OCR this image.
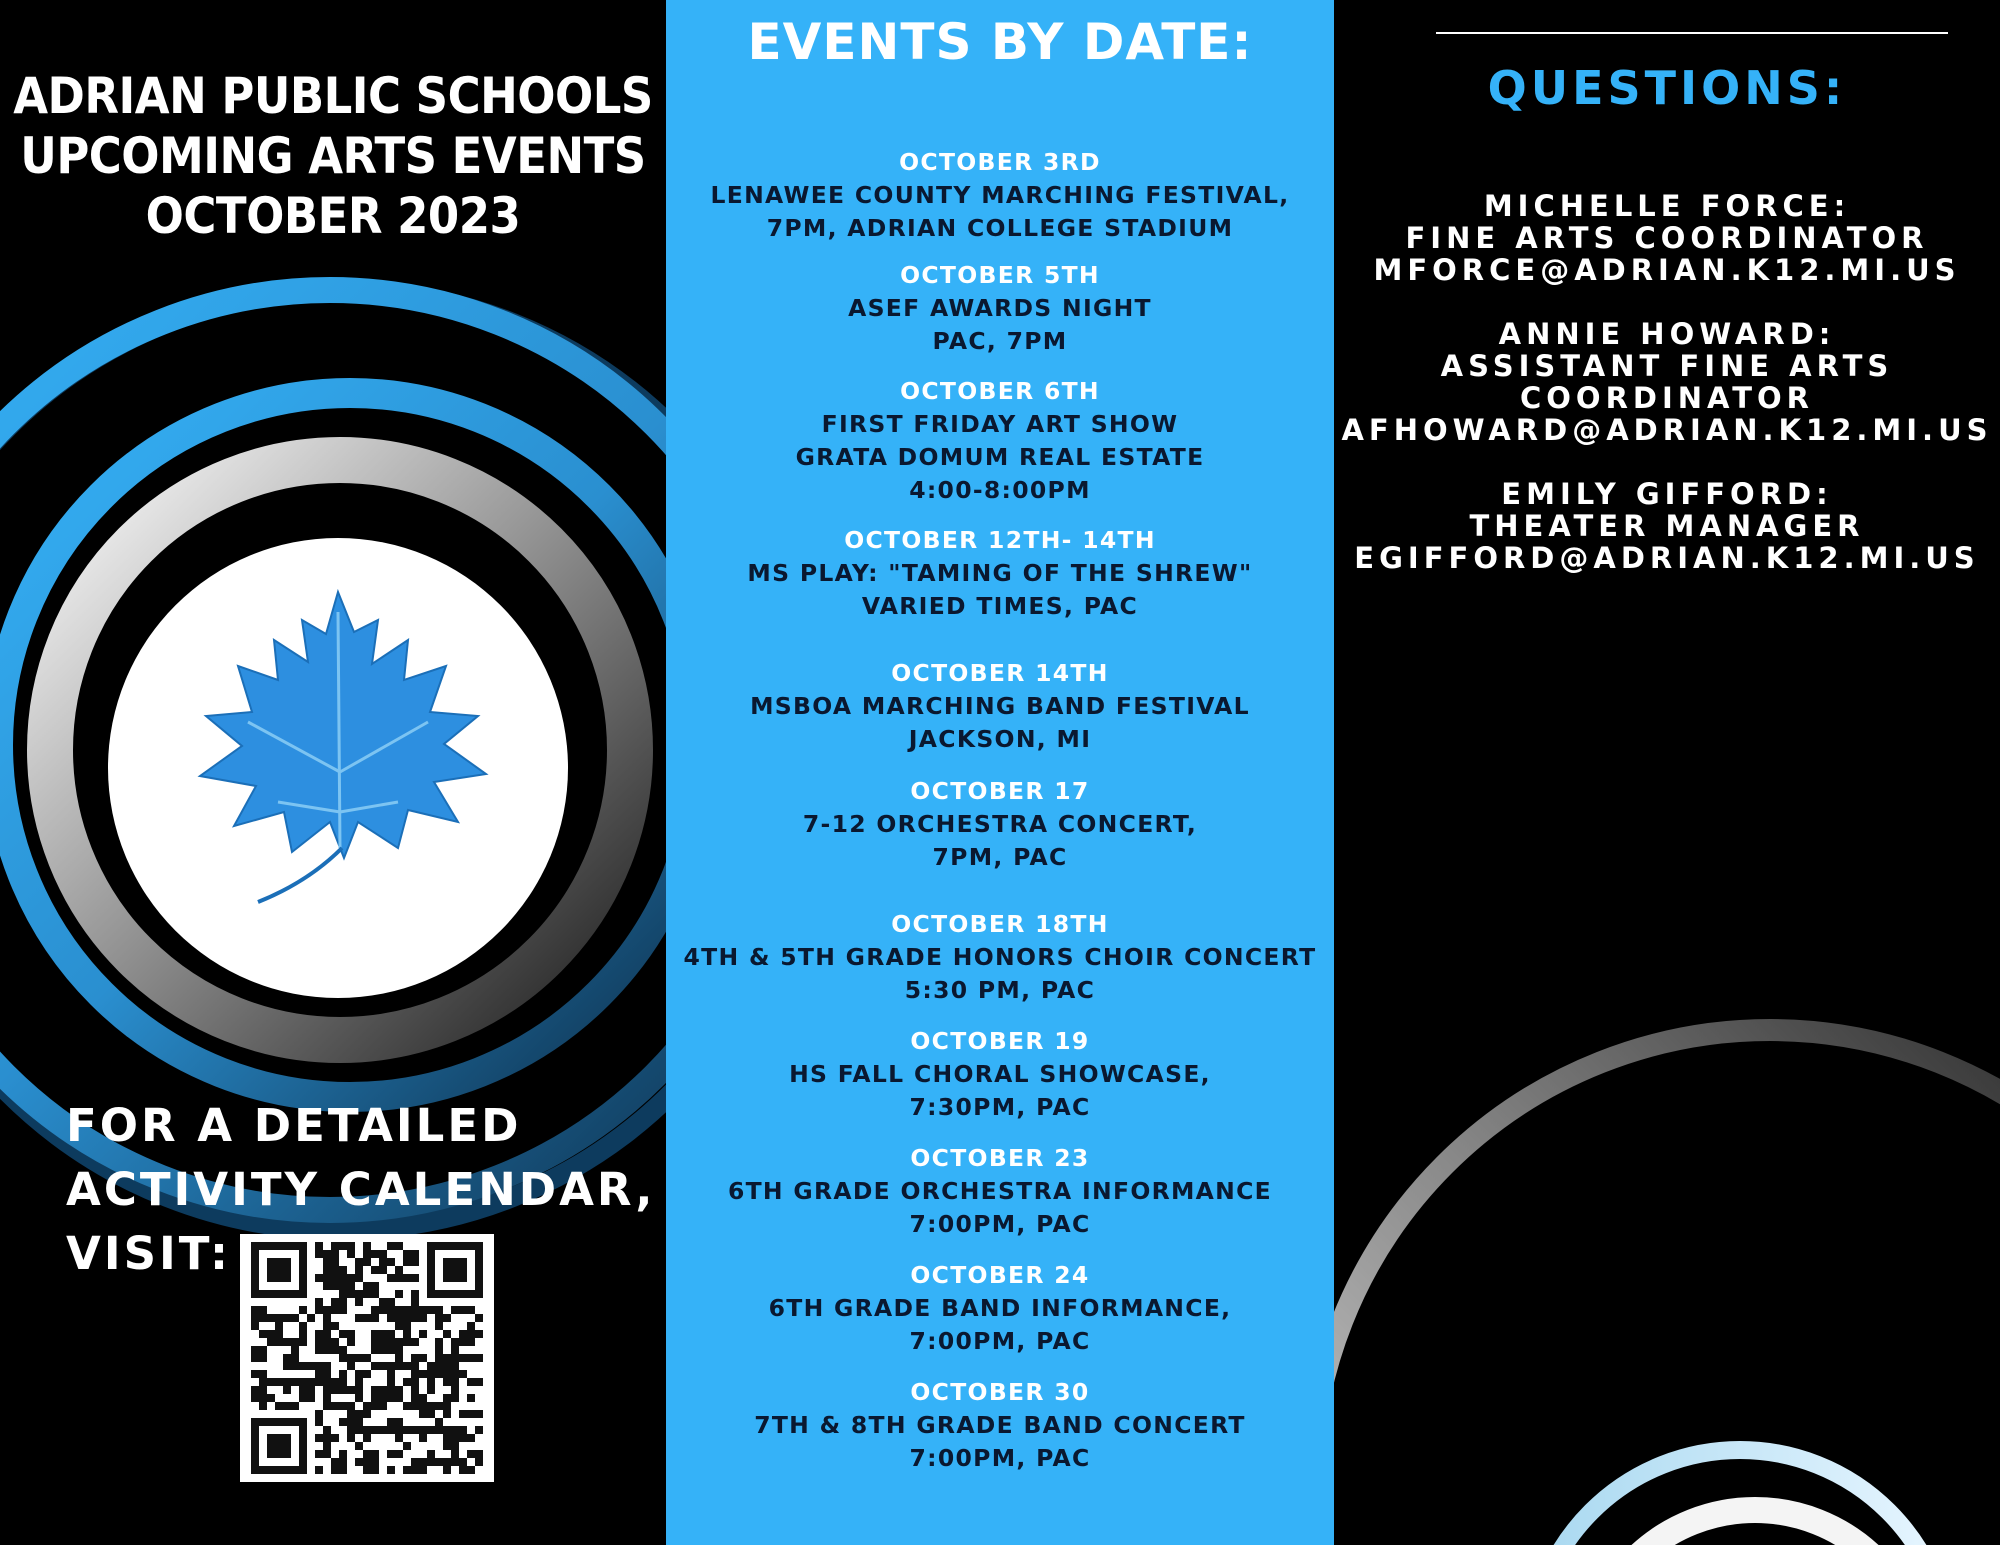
ADRIAN PUBLIC SCHOOLS
UPCOMING ARTS EVENTS
OCTOBER 2023

FOR A DETAILED
ACTIVITY CALENDAR,
VISIT:

EVENTS BY DATE:
OCTOBER 3RD
LENAWEE COUNTY MARCHING FESTIVAL,
7PM, ADRIAN COLLEGE STADIUM
OCTOBER 5TH
ASEF AWARDS NIGHT
PAC, 7PM
OCTOBER 6TH
FIRST FRIDAY ART SHOW
GRATA DOMUM REAL ESTATE
4:00-8:00PM
OCTOBER 12TH- 14TH
MS PLAY: "TAMING OF THE SHREW"
VARIED TIMES, PAC
OCTOBER 14TH
MSBOA MARCHING BAND FESTIVAL
JACKSON, MI
OCTOBER 17
7-12 ORCHESTRA CONCERT,
7PM, PAC
OCTOBER 18TH
4TH & 5TH GRADE HONORS CHOIR CONCERT
5:30 PM, PAC
OCTOBER 19
HS FALL CHORAL SHOWCASE,
7:30PM, PAC
OCTOBER 23
6TH GRADE ORCHESTRA INFORMANCE
7:00PM, PAC
OCTOBER 24
6TH GRADE BAND INFORMANCE,
7:00PM, PAC
OCTOBER 30
7TH & 8TH GRADE BAND CONCERT
7:00PM, PAC
QUESTIONS:
MICHELLE FORCE:
FINE ARTS COORDINATOR
MFORCE@ADRIAN.K12.MI.US
ANNIE HOWARD:
ASSISTANT FINE ARTS
COORDINATOR
AFHOWARD@ADRIAN.K12.MI.US
EMILY GIFFORD:
THEATER MANAGER
EGIFFORD@ADRIAN.K12.MI.US
